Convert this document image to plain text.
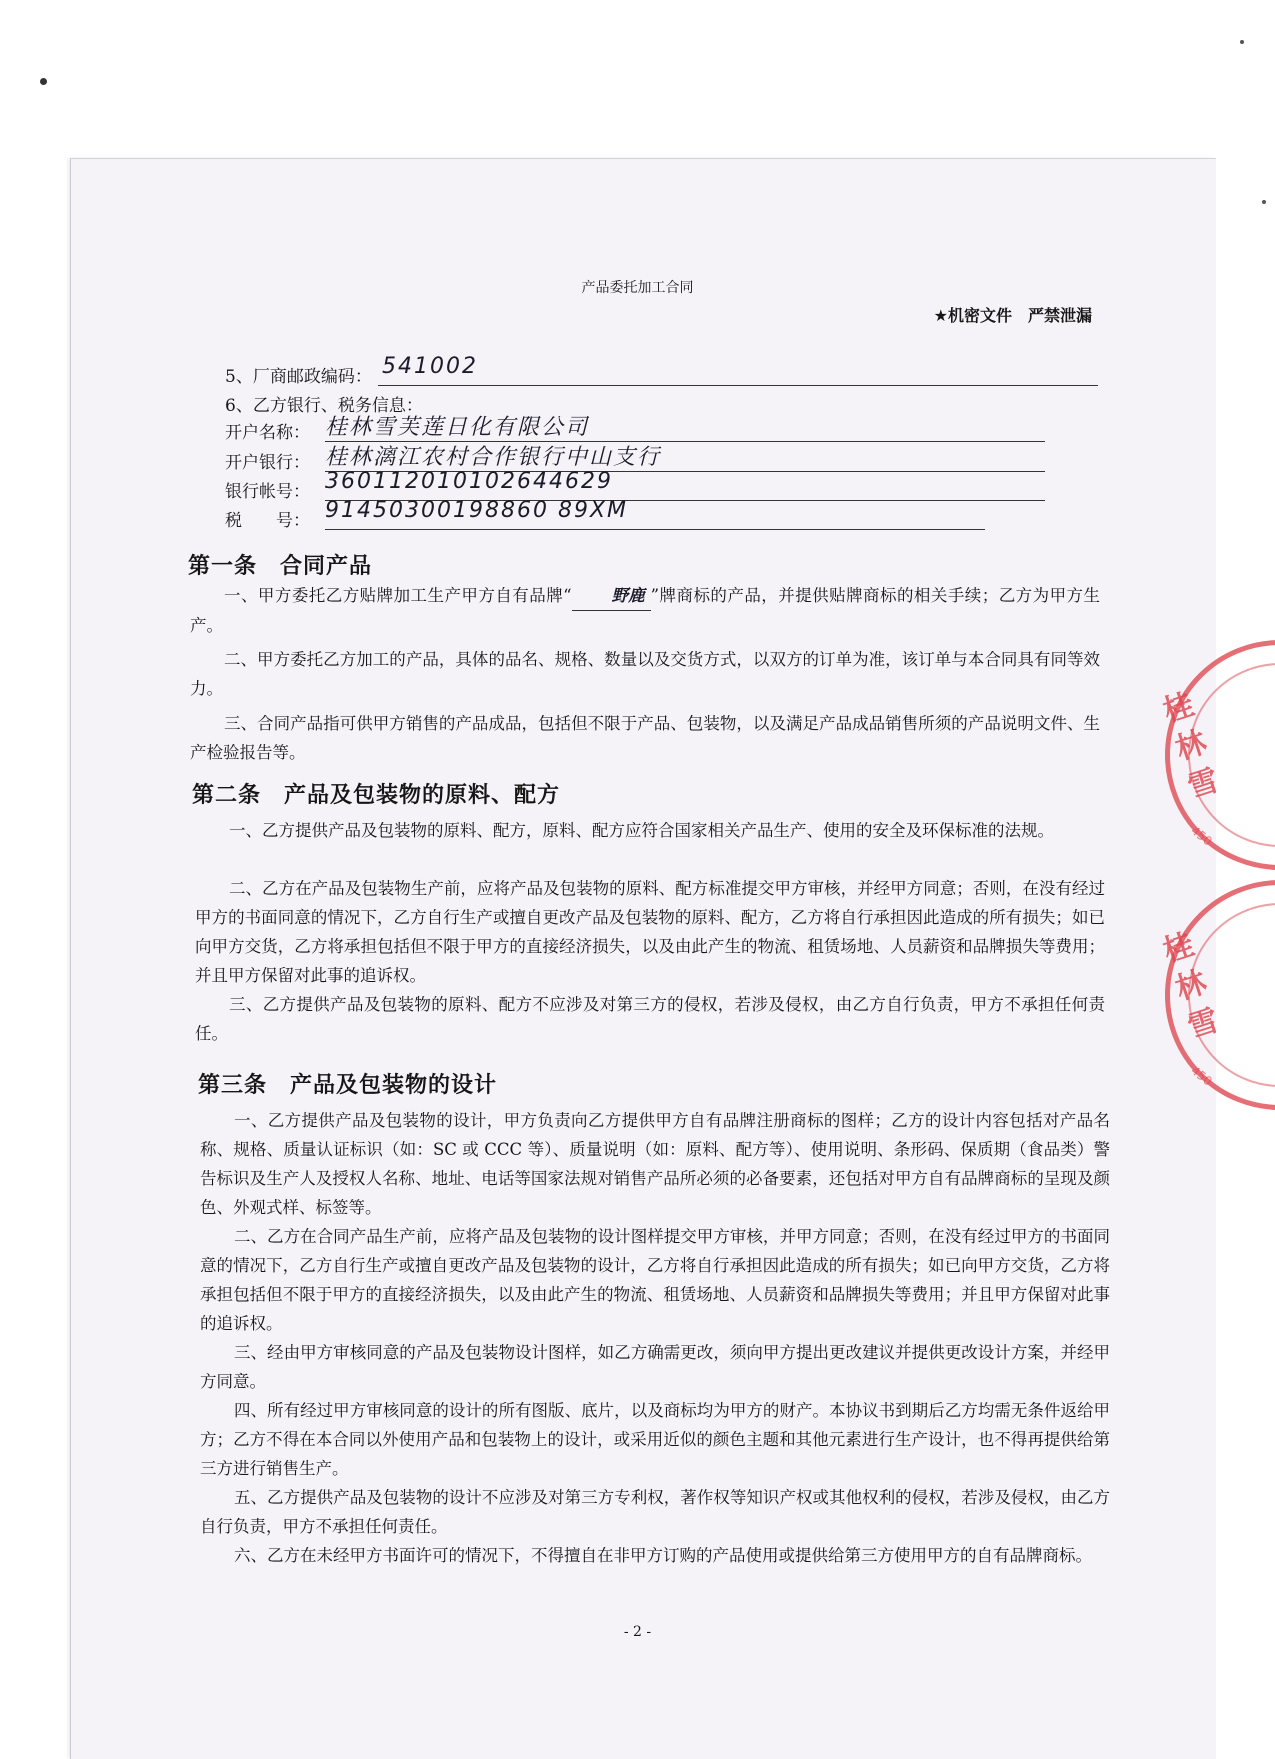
产品委托加工合同
★机密文件　严禁泄漏
5、厂商邮政编码： 541002
6、乙方银行、税务信息：
开户名称： 桂林雪芙莲日化有限公司
开户银行： 桂林漓江农村合作银行中山支行
银行帐号： 360112010102644629
税　　号： 91450300198860 89XM
第一条　合同产品

一、甲方委托乙方贴牌加工生产甲方自有品牌“ 野鹿 ”牌商标的产品，并提供贴牌商标的相关手续；乙方为甲方生产。

二、甲方委托乙方加工的产品，具体的品名、规格、数量以及交货方式，以双方的订单为准，该订单与本合同具有同等效力。

三、合同产品指可供甲方销售的产品成品，包括但不限于产品、包装物，以及满足产品成品销售所须的产品说明文件、生产检验报告等。

第二条　产品及包装物的原料、配方

一、乙方提供产品及包装物的原料、配方，原料、配方应符合国家相关产品生产、使用的安全及环保标准的法规。

二、乙方在产品及包装物生产前，应将产品及包装物的原料、配方标准提交甲方审核，并经甲方同意；否则，在没有经过甲方的书面同意的情况下，乙方自行生产或擅自更改产品及包装物的原料、配方，乙方将自行承担因此造成的所有损失；如已向甲方交货，乙方将承担包括但不限于甲方的直接经济损失，以及由此产生的物流、租赁场地、人员薪资和品牌损失等费用；并且甲方保留对此事的追诉权。

三、乙方提供产品及包装物的原料、配方不应涉及对第三方的侵权，若涉及侵权，由乙方自行负责，甲方不承担任何责任。

第三条　产品及包装物的设计

一、乙方提供产品及包装物的设计，甲方负责向乙方提供甲方自有品牌注册商标的图样；乙方的设计内容包括对产品名称、规格、质量认证标识（如：SC 或 CCC 等）、质量说明（如：原料、配方等）、使用说明、条形码、保质期（食品类）警告标识及生产人及授权人名称、地址、电话等国家法规对销售产品所必须的必备要素，还包括对甲方自有品牌商标的呈现及颜色、外观式样、标签等。

二、乙方在合同产品生产前，应将产品及包装物的设计图样提交甲方审核，并甲方同意；否则，在没有经过甲方的书面同意的情况下，乙方自行生产或擅自更改产品及包装物的设计，乙方将自行承担因此造成的所有损失；如已向甲方交货，乙方将承担包括但不限于甲方的直接经济损失，以及由此产生的物流、租赁场地、人员薪资和品牌损失等费用；并且甲方保留对此事的追诉权。

三、经由甲方审核同意的产品及包装物设计图样，如乙方确需更改，须向甲方提出更改建议并提供更改设计方案，并经甲方同意。

四、所有经过甲方审核同意的设计的所有图版、底片，以及商标均为甲方的财产。本协议书到期后乙方均需无条件返给甲方；乙方不得在本合同以外使用产品和包装物上的设计，或采用近似的颜色主题和其他元素进行生产设计，也不得再提供给第三方进行销售生产。

五、乙方提供产品及包装物的设计不应涉及对第三方专利权，著作权等知识产权或其他权利的侵权，若涉及侵权，由乙方自行负责，甲方不承担任何责任。

六、乙方在未经甲方书面许可的情况下，不得擅自在非甲方订购的产品使用或提供给第三方使用甲方的自有品牌商标。

- 2 -
桂林雪
450
桂林雪
450
